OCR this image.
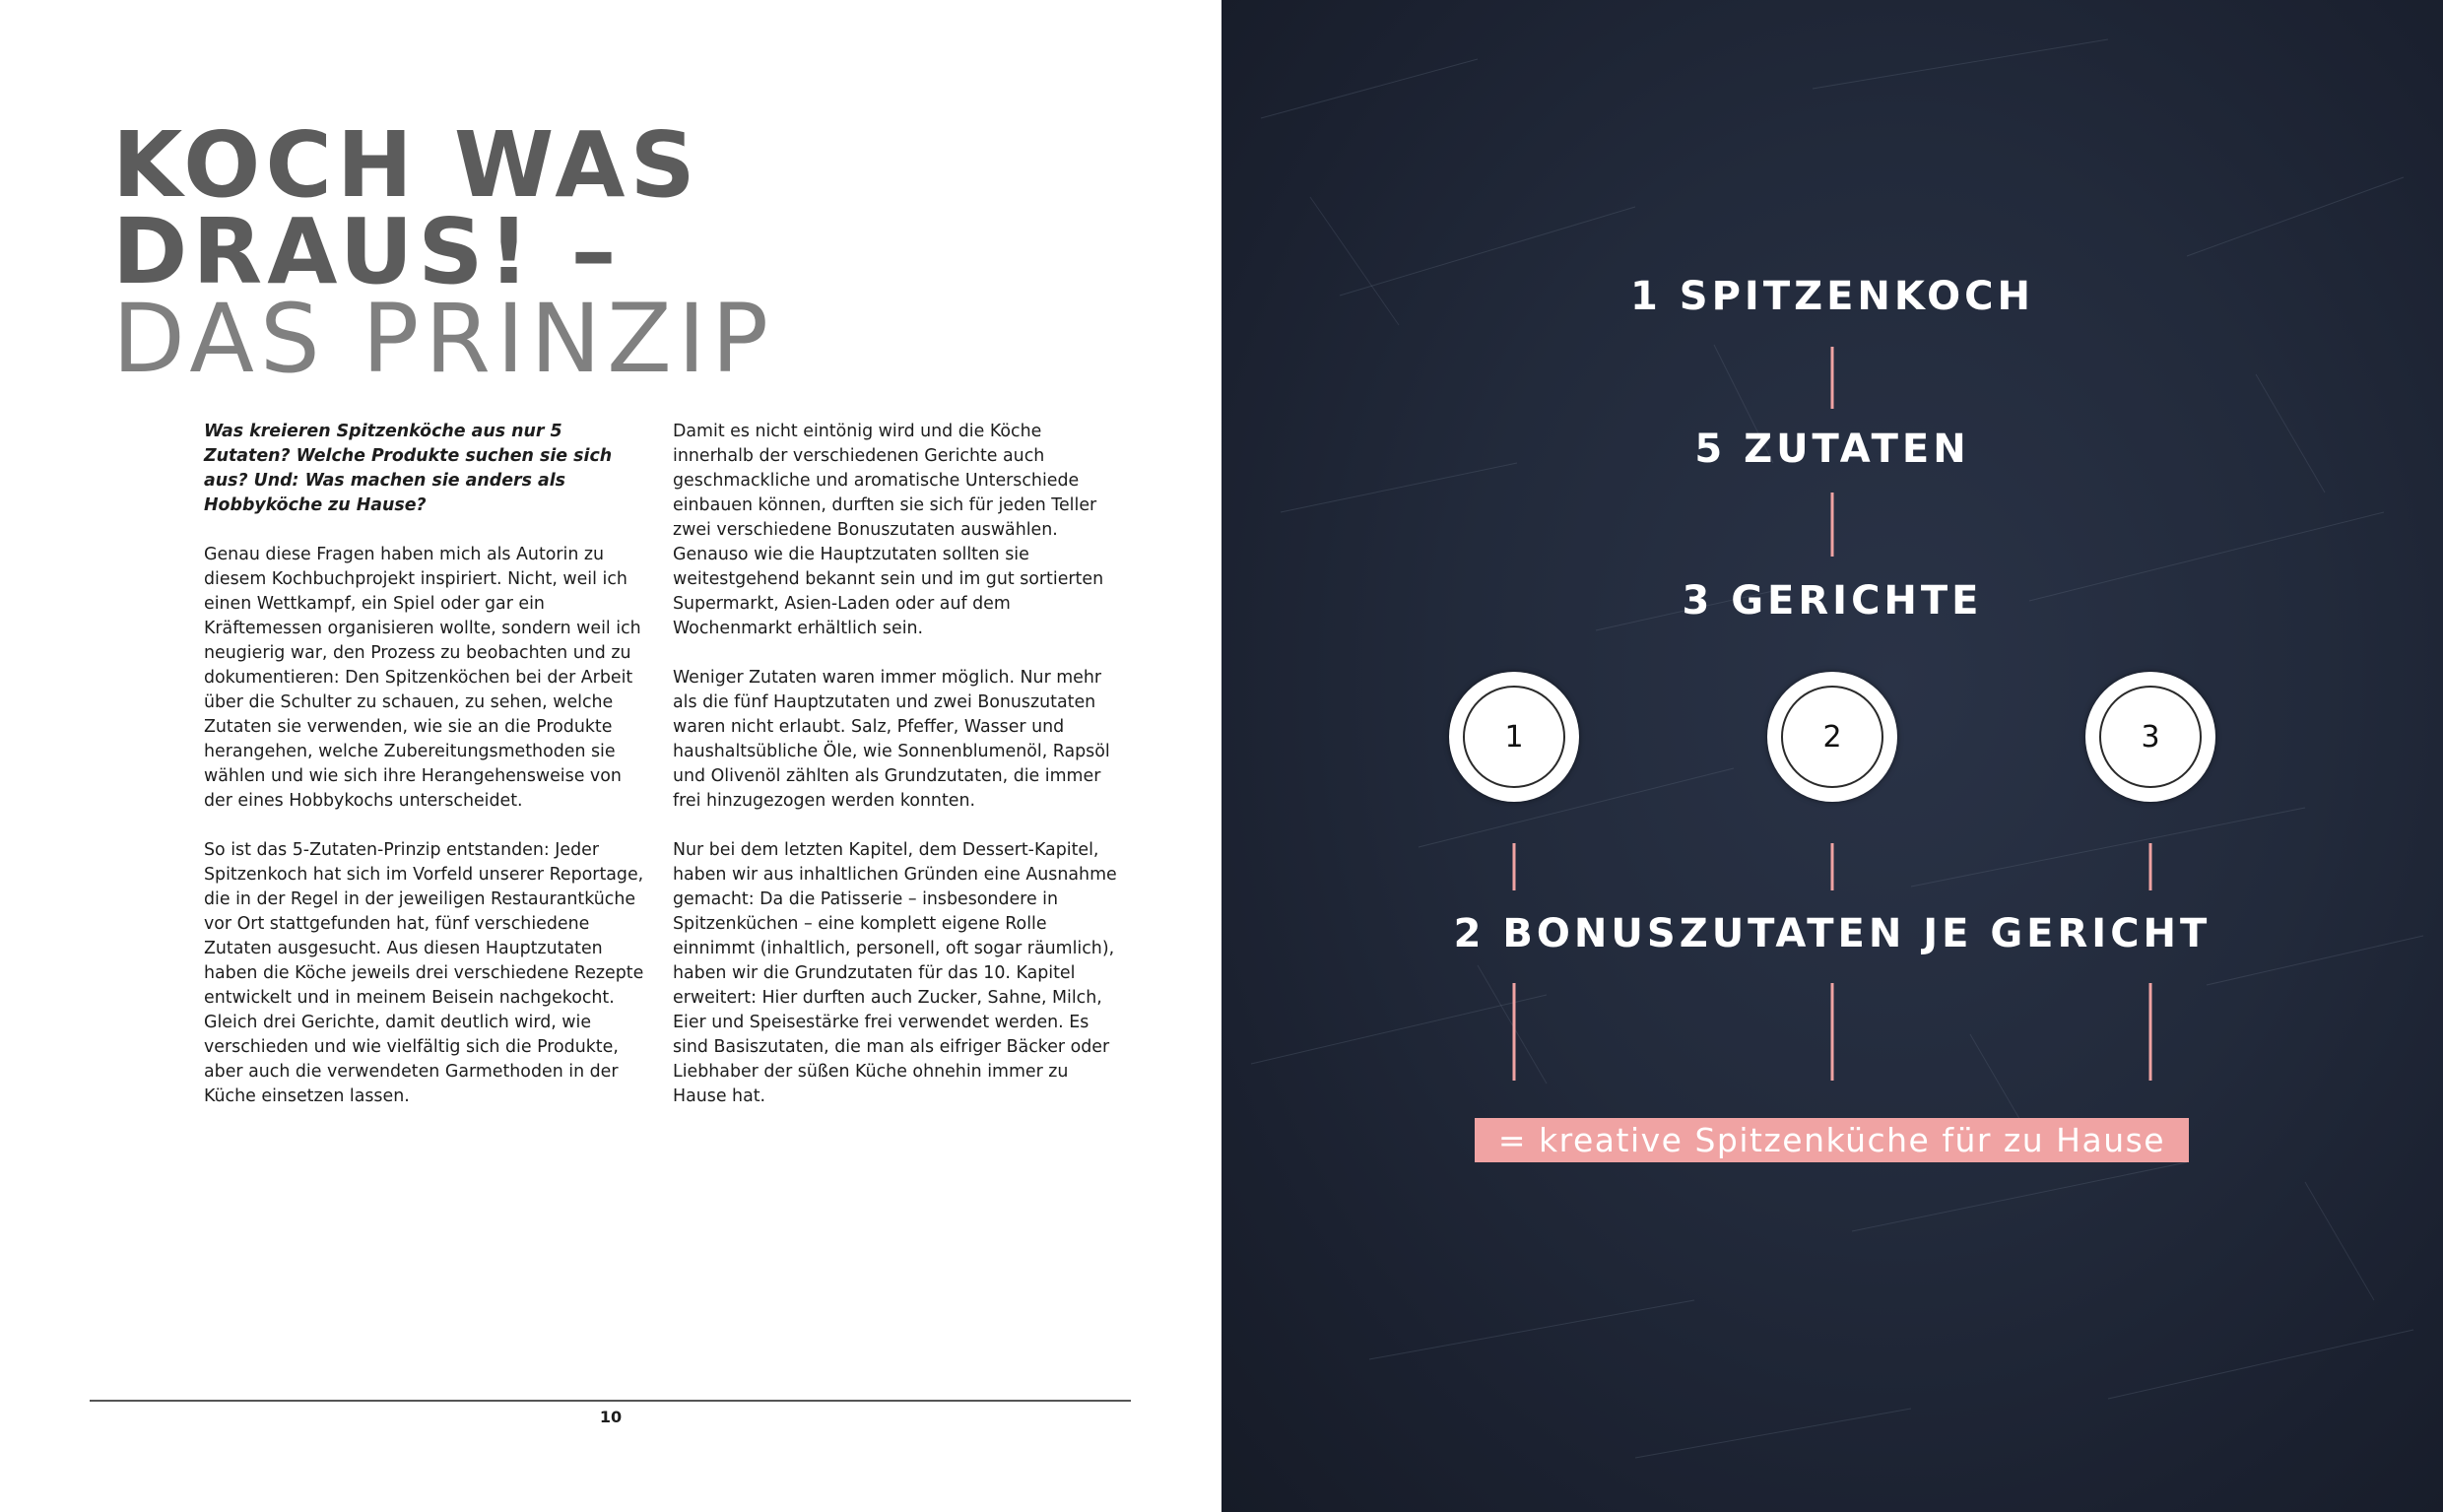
KOCH WAS
DRAUS! –
DAS PRINZIP

Was kreieren Spitzenköche aus nur 5 Zutaten? Welche Produkte suchen sie sich aus? Und: Was machen sie anders als Hobbyköche zu Hause?

Genau diese Fragen haben mich als Autorin zu diesem Kochbuchprojekt inspiriert. Nicht, weil ich einen Wettkampf, ein Spiel oder gar ein Kräftemessen organisieren wollte, sondern weil ich neugierig war, den Prozess zu beobachten und zu dokumentieren: Den Spitzenköchen bei der Arbeit über die Schulter zu schauen, zu sehen, welche Zutaten sie verwenden, wie sie an die Produkte herangehen, welche Zubereitungsmethoden sie wählen und wie sich ihre Herangehensweise von der eines Hobbykochs unterscheidet.

So ist das 5-Zutaten-Prinzip entstanden: Jeder Spitzenkoch hat sich im Vorfeld unserer Reportage, die in der Regel in der jeweiligen Restaurantküche vor Ort stattgefunden hat, fünf verschiedene Zutaten ausgesucht. Aus diesen Hauptzutaten haben die Köche jeweils drei verschiedene Rezepte entwickelt und in meinem Beisein nachgekocht. Gleich drei Gerichte, damit deutlich wird, wie verschieden und wie vielfältig sich die Produkte, aber auch die verwendeten Garmethoden in der Küche einsetzen lassen.

Damit es nicht eintönig wird und die Köche innerhalb der verschiedenen Gerichte auch geschmackliche und aromatische Unterschiede einbauen können, durften sie sich für jeden Teller zwei verschiedene Bonuszutaten auswählen. Genauso wie die Hauptzutaten sollten sie weitestgehend bekannt sein und im gut sortierten Supermarkt, Asien-Laden oder auf dem Wochenmarkt erhältlich sein.

Weniger Zutaten waren immer möglich. Nur mehr als die fünf Hauptzutaten und zwei Bonuszutaten waren nicht erlaubt. Salz, Pfeffer, Wasser und haushaltsübliche Öle, wie Sonnenblumenöl, Rapsöl und Olivenöl zählten als Grundzutaten, die immer frei hinzugezogen werden konnten.

Nur bei dem letzten Kapitel, dem Dessert-Kapitel, haben wir aus inhaltlichen Gründen eine Ausnahme gemacht: Da die Patisserie – insbesondere in Spitzenküchen – eine komplett eigene Rolle einnimmt (inhaltlich, personell, oft sogar räumlich), haben wir die Grundzutaten für das 10. Kapitel erweitert: Hier durften auch Zucker, Sahne, Milch, Eier und Speisestärke frei verwendet werden. Es sind Basiszutaten, die man als eifriger Bäcker oder Liebhaber der süßen Küche ohnehin immer zu Hause hat.

10

1 SPITZENKOCH

5 ZUTATEN

3 GERICHTE

1	2	3

2 BONUSZUTATEN JE GERICHT

= kreative Spitzenküche für zu Hause
